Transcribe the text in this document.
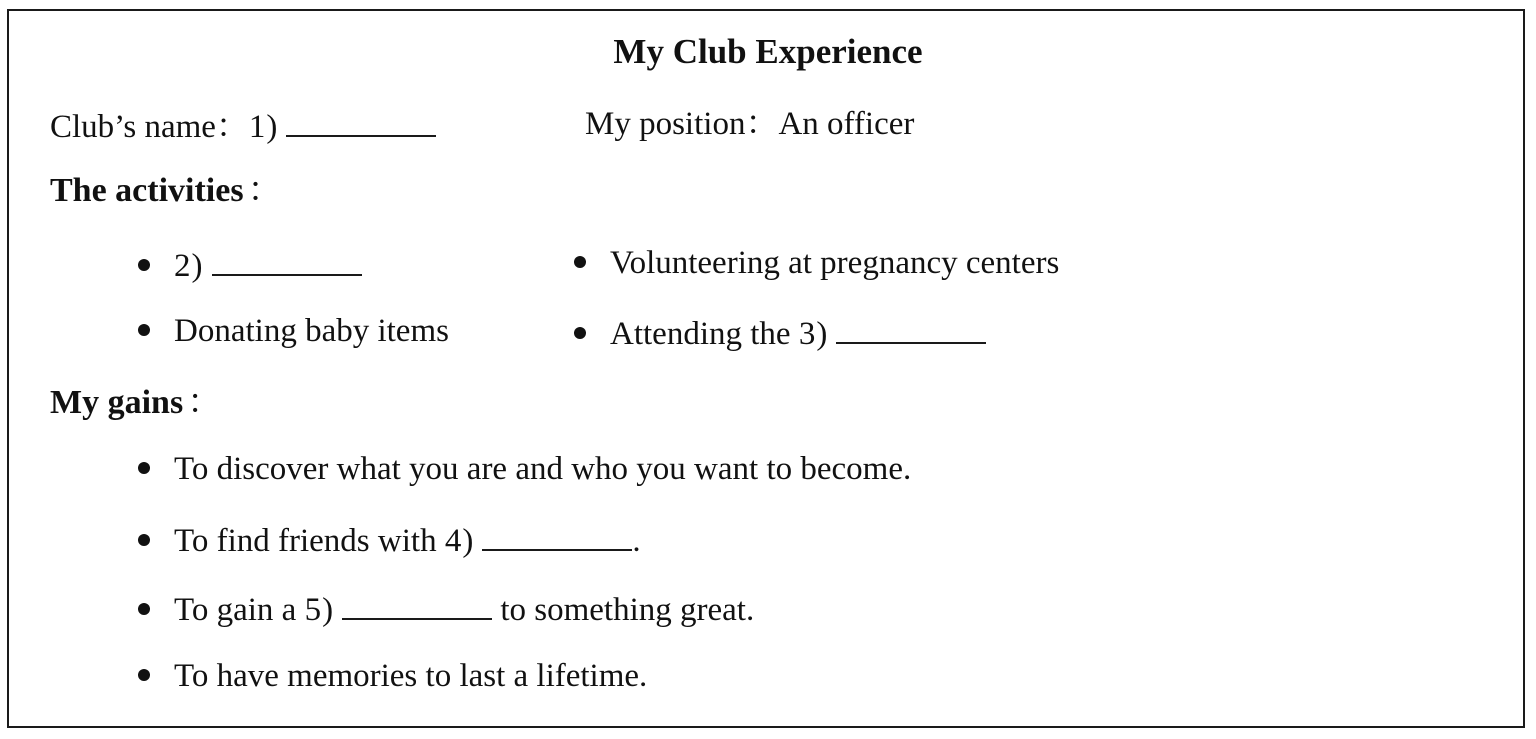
My Club Experience
Club’s name：1)	My position：An officer
The activities ：
2)	Volunteering at pregnancy centers
Donating baby items	Attending the 3)
My gains ：
To discover what you are and who you want to become.
To find friends with 4)	.
To gain a 5)	to something great.
To have memories to last a lifetime.
